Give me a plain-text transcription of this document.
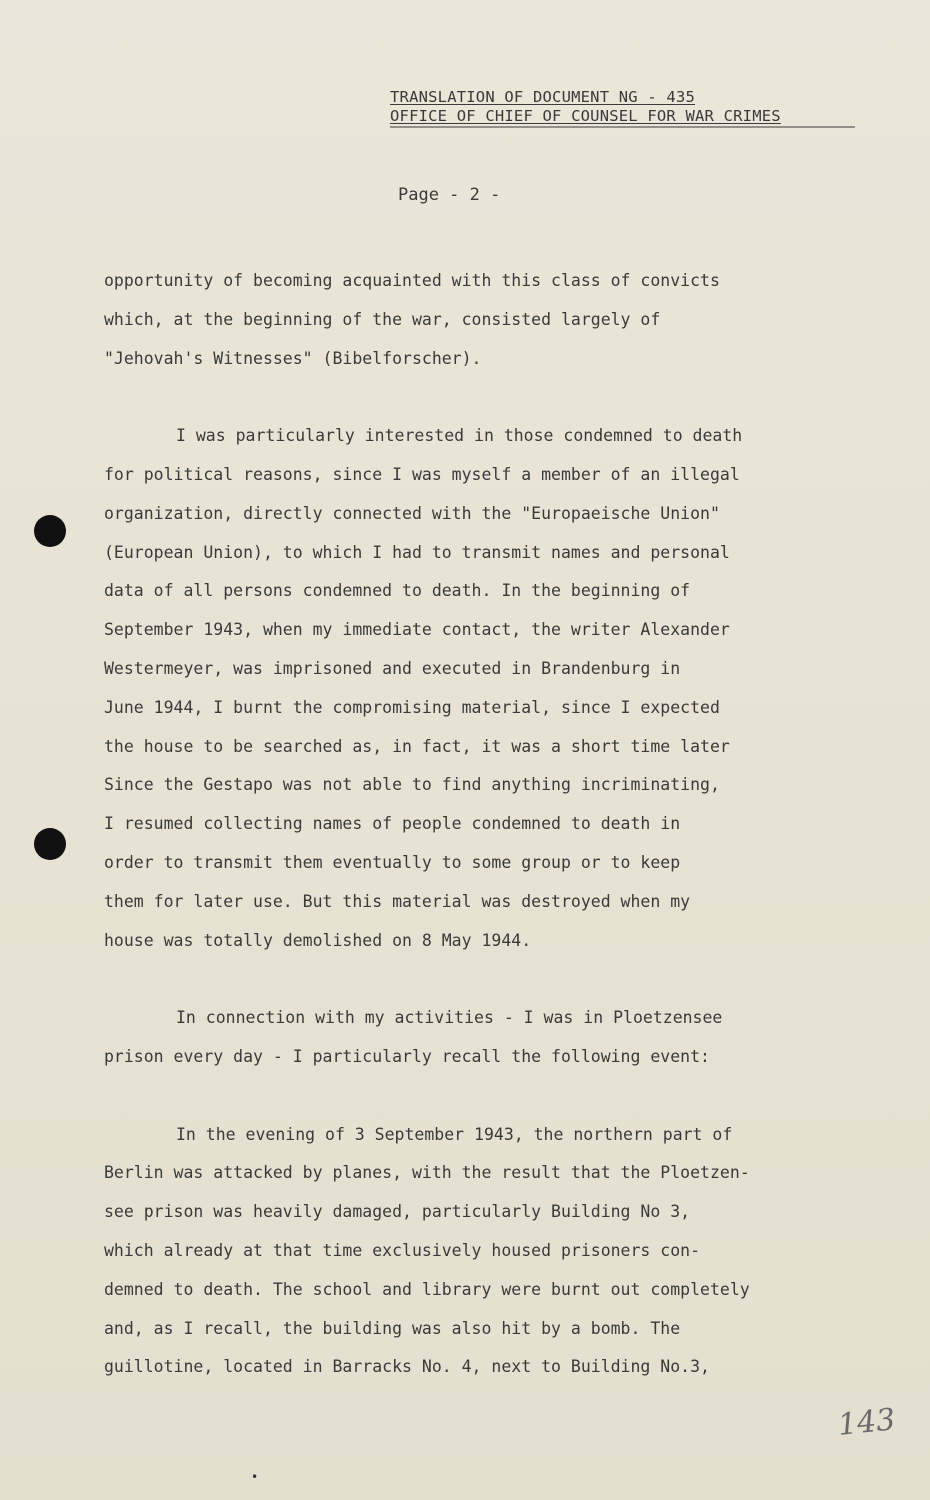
TRANSLATION OF DOCUMENT NG - 435
OFFICE OF CHIEF OF COUNSEL FOR WAR CRIMES
Page - 2 -
opportunity of becoming acquainted with this class of convicts
which, at the beginning of the war, consisted largely of
"Jehovah's Witnesses" (Bibelforscher).
I was particularly interested in those condemned to death
for political reasons, since I was myself a member of an illegal
organization, directly connected with the "Europaeische Union"
(European Union), to which I had to transmit names and personal
data of all persons condemned to death. In the beginning of
September 1943, when my immediate contact, the writer Alexander
Westermeyer, was imprisoned and executed in Brandenburg in
June 1944, I burnt the compromising material, since I expected
the house to be searched as, in fact, it was a short time later
Since the Gestapo was not able to find anything incriminating,
I resumed collecting names of people condemned to death in
order to transmit them eventually to some group or to keep
them for later use. But this material was destroyed when my
house was totally demolished on 8 May 1944.
In connection with my activities - I was in Ploetzensee
prison every day - I particularly recall the following event:
In the evening of 3 September 1943, the northern part of
Berlin was attacked by planes, with the result that the Ploetzen-
see prison was heavily damaged, particularly Building No 3,
which already at that time exclusively housed prisoners con-
demned to death. The school and library were burnt out completely
and, as I recall, the building was also hit by a bomb. The
guillotine, located in Barracks No. 4, next to Building No.3,
143
•
